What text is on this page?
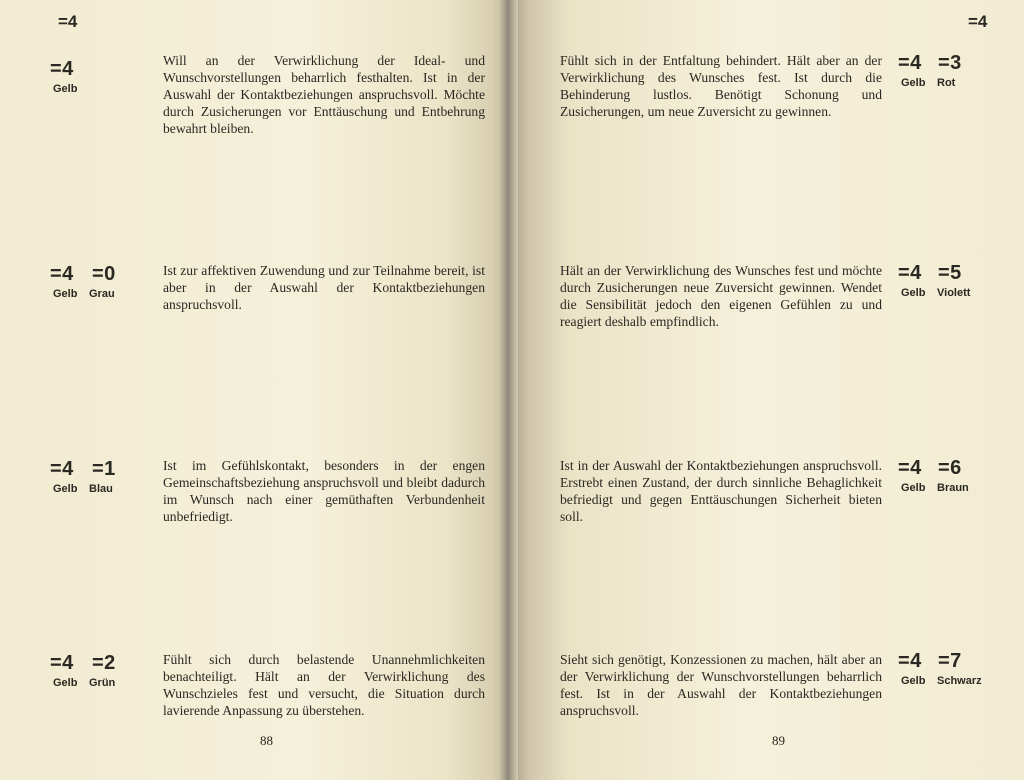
=4	=4
=4
Gelb
Will an der Verwirklichung der Ideal- und Wunschvorstellungen beharrlich festhalten. Ist in der Auswahl der Kontaktbeziehungen anspruchsvoll. Möchte durch Zusicherungen vor Enttäuschung und Entbehrung bewahrt bleiben.
=4 =0
Gelb Grau
Ist zur affektiven Zuwendung und zur Teilnahme bereit, ist aber in der Auswahl der Kontaktbeziehungen anspruchsvoll.
=4 =1
Gelb Blau
Ist im Gefühlskontakt, besonders in der engen Gemeinschaftsbeziehung anspruchsvoll und bleibt dadurch im Wunsch nach einer gemüthaften Verbundenheit unbefriedigt.
=4 =2
Gelb Grün
Fühlt sich durch belastende Unannehmlichkeiten benachteiligt. Hält an der Verwirklichung des Wunschzieles fest und versucht, die Situation durch lavierende Anpassung zu überstehen.
88
Fühlt sich in der Entfaltung behindert. Hält aber an der Verwirklichung des Wunsches fest. Ist durch die Behinderung lustlos. Benötigt Schonung und Zusicherungen, um neue Zuversicht zu gewinnen.
=4 =3
Gelb Rot
Hält an der Verwirklichung des Wunsches fest und möchte durch Zusicherungen neue Zuversicht gewinnen. Wendet die Sensibilität jedoch den eigenen Gefühlen zu und reagiert deshalb empfindlich.
=4 =5
Gelb Violett
Ist in der Auswahl der Kontaktbeziehungen anspruchsvoll. Erstrebt einen Zustand, der durch sinnliche Behaglichkeit befriedigt und gegen Enttäuschungen Sicherheit bieten soll.
=4 =6
Gelb Braun
Sieht sich genötigt, Konzessionen zu machen, hält aber an der Verwirklichung der Wunschvorstellungen beharrlich fest. Ist in der Auswahl der Kontaktbeziehungen anspruchsvoll.
=4 =7
Gelb Schwarz
89
